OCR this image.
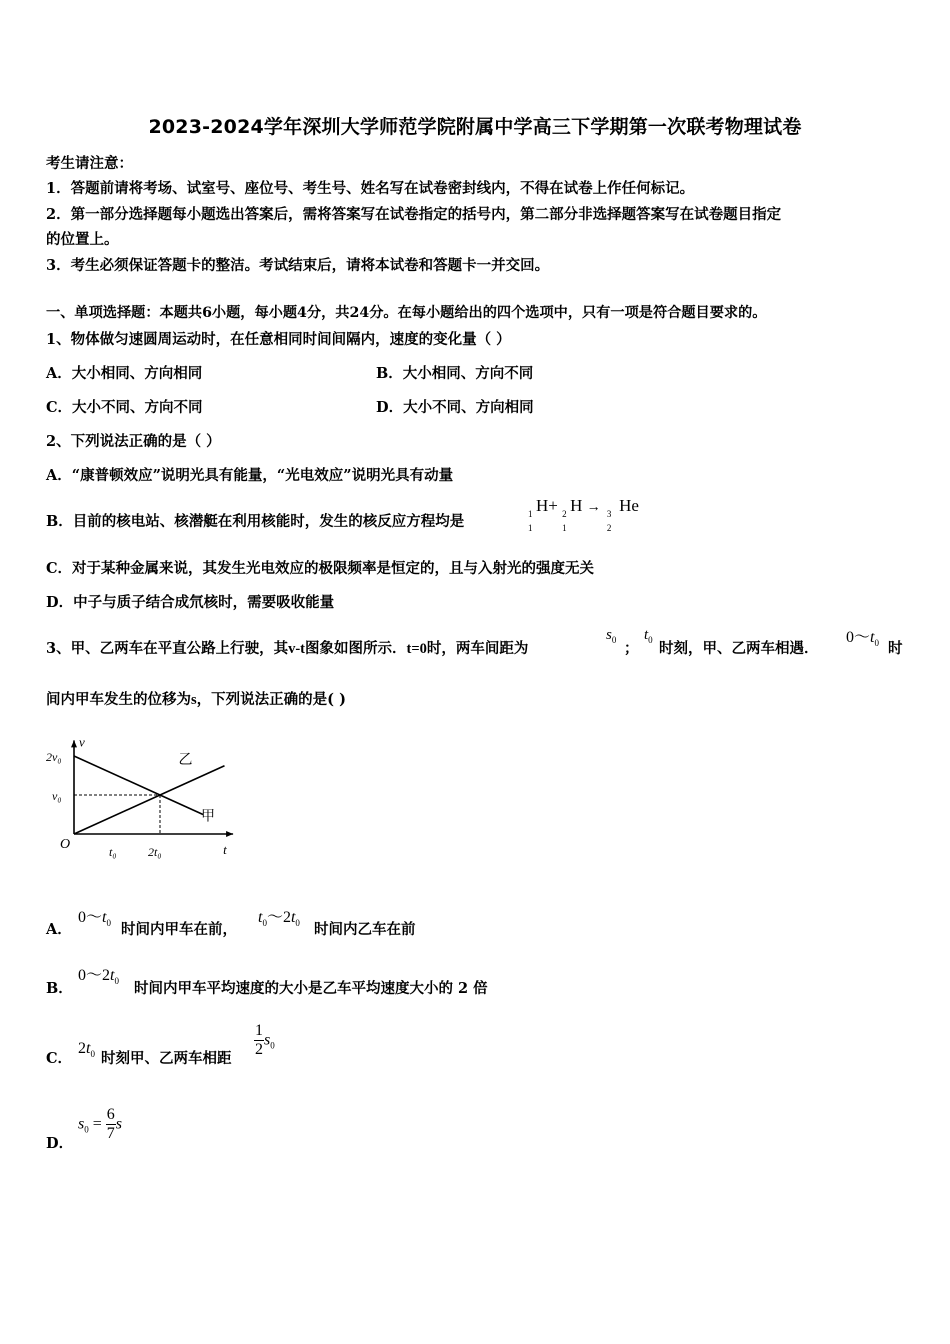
2023-2024学年深圳大学师范学院附属中学高三下学期第一次联考物理试卷
考生请注意：
1．答题前请将考场、试室号、座位号、考生号、姓名写在试卷密封线内，不得在试卷上作任何标记。
2．第一部分选择题每小题选出答案后，需将答案写在试卷指定的括号内，第二部分非选择题答案写在试卷题目指定
的位置上。
3．考生必须保证答题卡的整洁。考试结束后，请将本试卷和答题卡一并交回。
一、单项选择题：本题共6小题，每小题4分，共24分。在每小题给出的四个选项中，只有一项是符合题目要求的。
1、物体做匀速圆周运动时，在任意相同时间间隔内，速度的变化量（ ）
A．大小相同、方向相同	B．大小相同、方向不同
C．大小不同、方向不同	D．大小不同、方向相同
2、下列说法正确的是（ ）
A．“康普顿效应”说明光具有能量，“光电效应”说明光具有动量
B．目前的核电站、核潜艇在利用核能时，发生的核反应方程均是	1
1
H+ 2
1
H → 3
2
He
C．对于某种金属来说，其发生光电效应的极限频率是恒定的，且与入射光的强度无关
D．中子与质子结合成氘核时，需要吸收能量
3、甲、乙两车在平直公路上行驶，其v-t图象如图所示．t=0时，两车间距为
$s_0$ ；
$t_0$ 时刻，甲、乙两车相遇．
$0\sim t_0$ 时
间内甲车发生的位移为s，下列说法正确的是( )
甲
乙
v
t
O
2v₀
v₀
t₀	2t₀
A．
$0\sim t_0$ 时间内甲车在前，
$t_0\sim 2t_0$ 时间内乙车在前
B．
$0\sim 2t_0$ 时间内甲车平均速度的大小是乙车平均速度大小的 2 倍
C．
$2t_0$ 时刻甲、乙两车相距 $\frac{1}{2} s_0$
D．
$s_0 = \frac{6}{7}$ s
